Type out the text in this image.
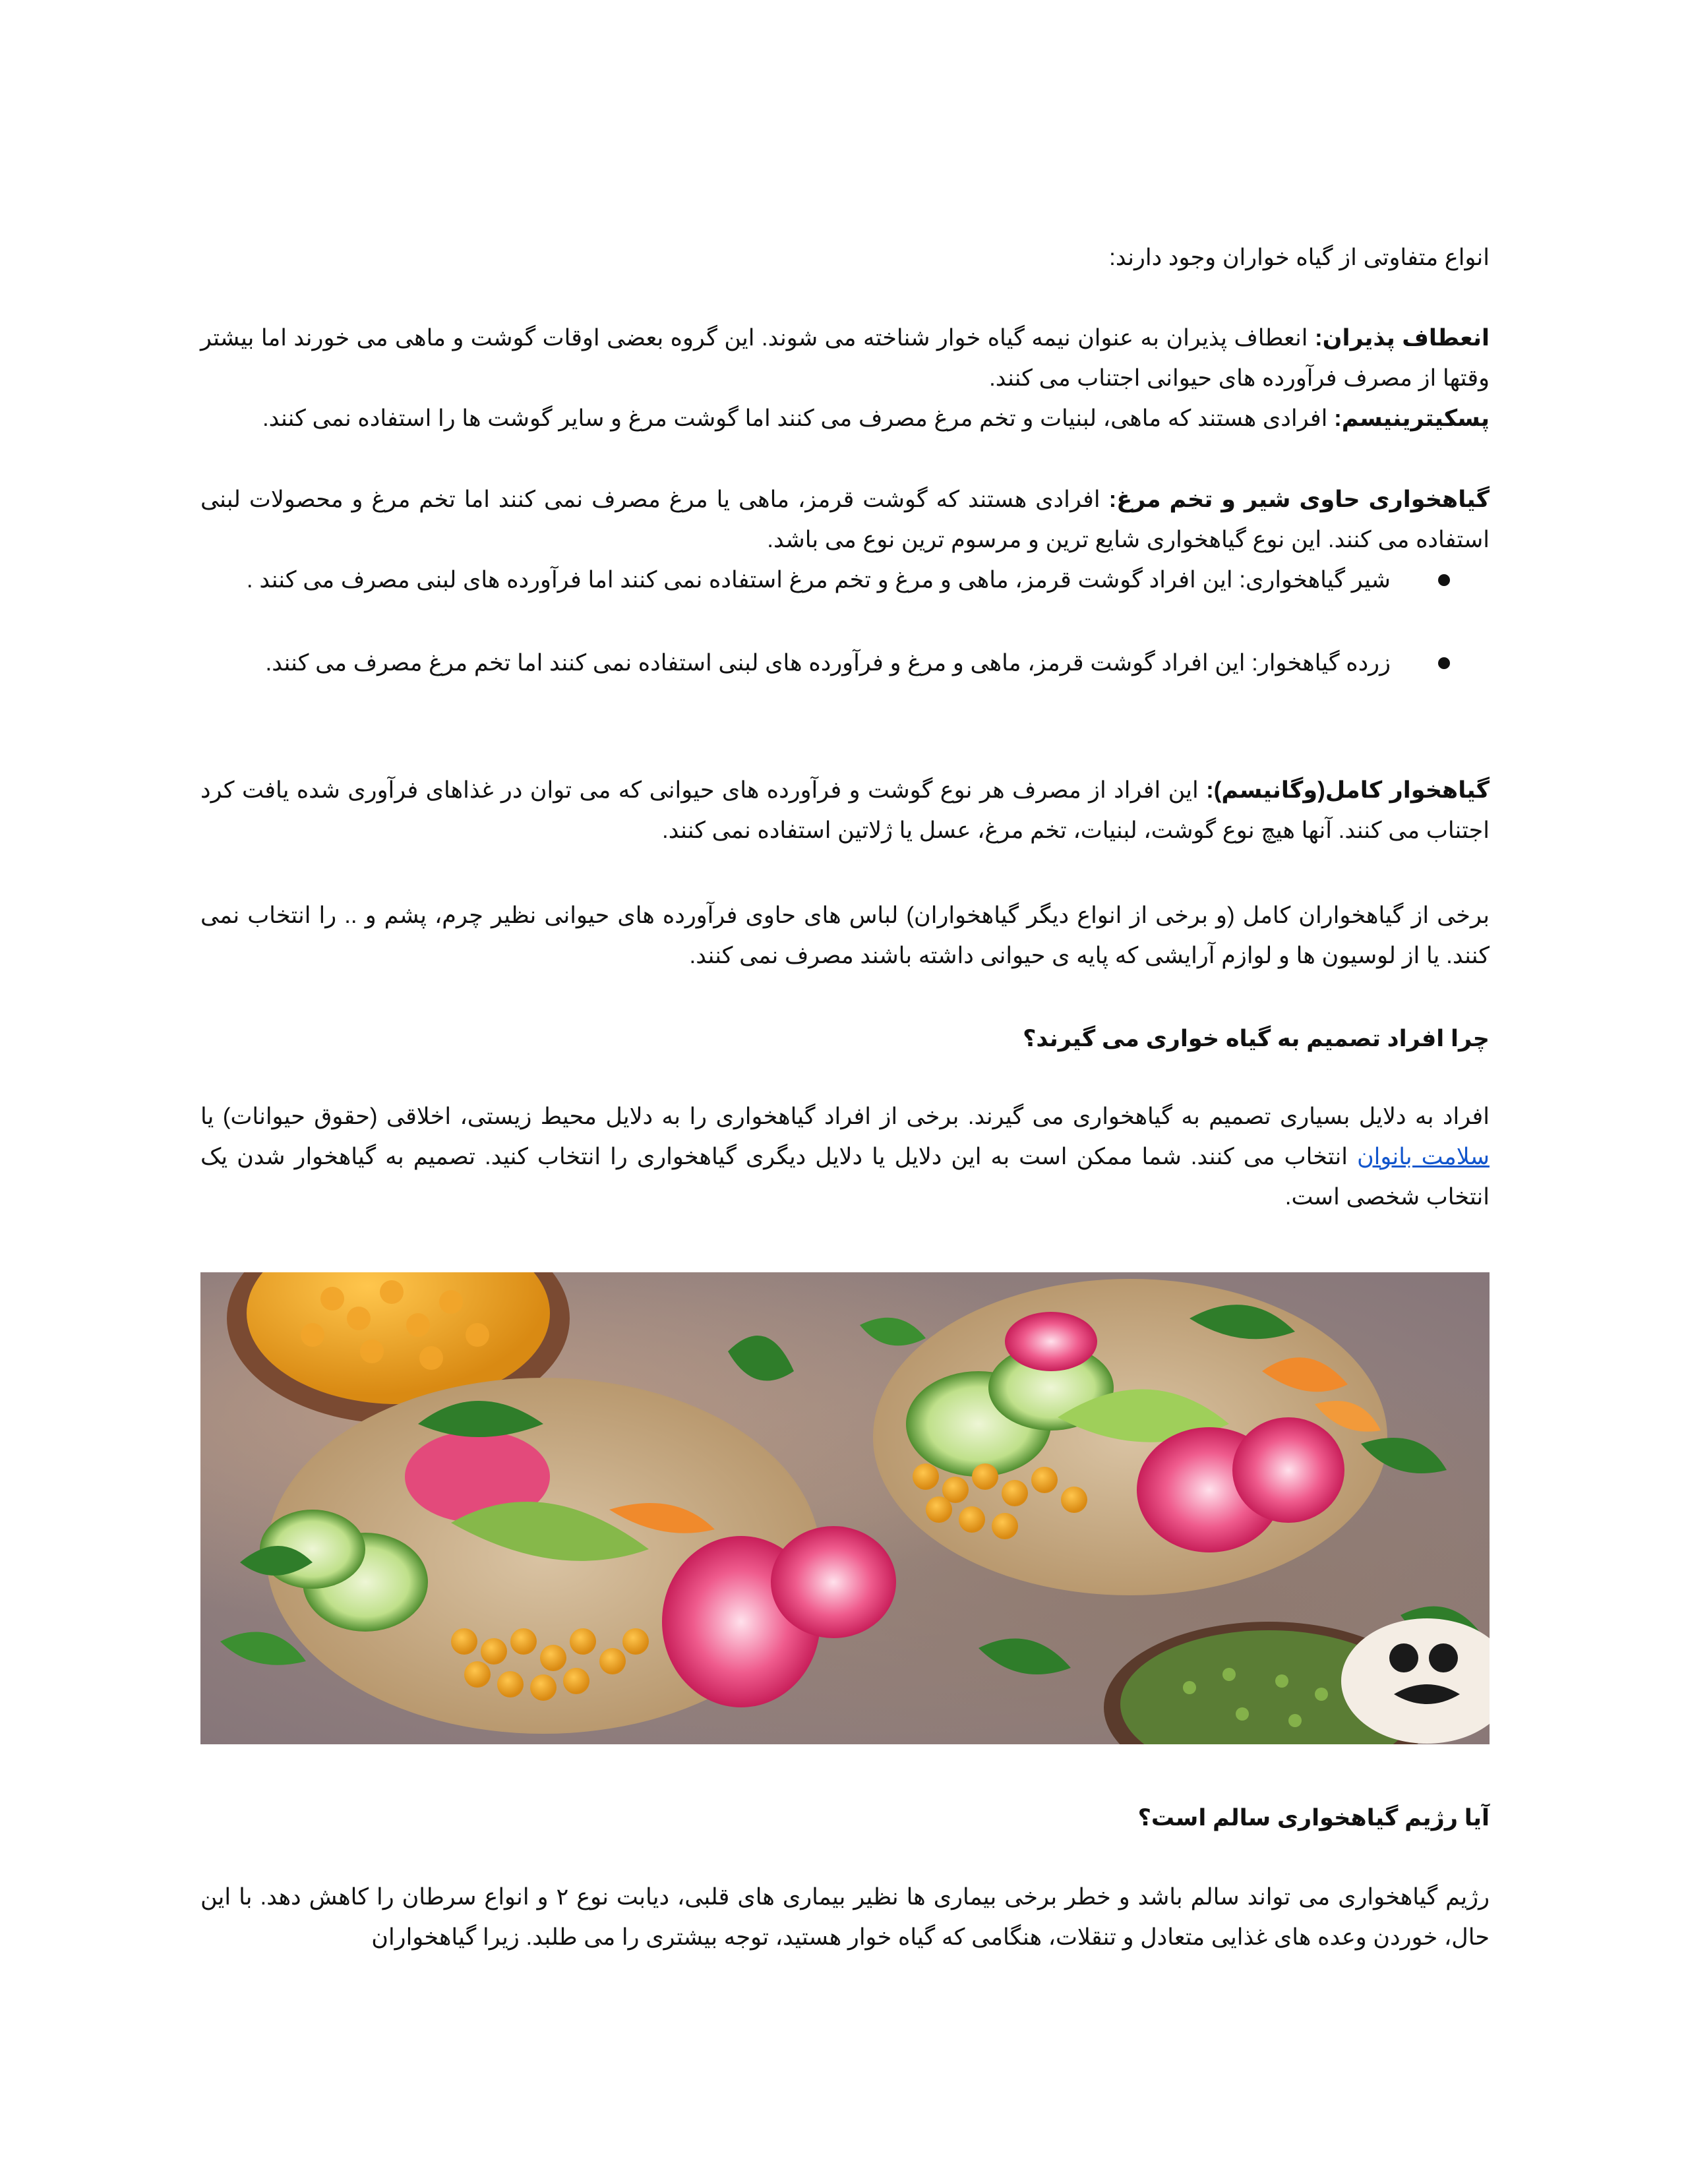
انواع متفاوتی از گیاه خواران وجود دارند:

انعطاف پذیران: انعطاف پذیران به عنوان نیمه گیاه خوار شناخته می شوند. این گروه بعضی اوقات گوشت و ماهی می خورند اما بیشتر وقتها از مصرف فرآورده های حیوانی اجتناب می کنند.

پسکیترینیسم: افرادی هستند که ماهی، لبنیات و تخم مرغ مصرف می کنند اما گوشت مرغ و سایر گوشت ها را استفاده نمی کنند.

گیاهخواری حاوی شیر و تخم مرغ: افرادی هستند که گوشت قرمز، ماهی یا مرغ مصرف نمی کنند اما تخم مرغ و محصولات لبنی استفاده می کنند. این نوع گیاهخواری شایع ترین و مرسوم ترین نوع می باشد.

شیر گیاهخواری: این افراد گوشت قرمز، ماهی و مرغ و تخم مرغ استفاده نمی کنند اما فرآورده های لبنی مصرف می کنند .
زرده گیاهخوار: این افراد گوشت قرمز، ماهی و مرغ و فرآورده های لبنی استفاده نمی کنند اما تخم مرغ مصرف می کنند.

گیاهخوار کامل(وگانیسم): این افراد از مصرف هر نوع گوشت و فرآورده های حیوانی که می توان در غذاهای فرآوری شده یافت کرد اجتناب می کنند. آنها هیچ نوع گوشت، لبنیات، تخم مرغ، عسل یا ژلاتین استفاده نمی کنند.

برخی از گیاهخواران کامل (و برخی از انواع دیگر گیاهخواران) لباس های حاوی فرآورده های حیوانی نظیر چرم، پشم و .. را انتخاب نمی کنند. یا از لوسیون ها و لوازم آرایشی که پایه ی حیوانی داشته باشند مصرف نمی کنند.

چرا افراد تصمیم به گیاه خواری می گیرند؟

افراد به دلایل بسیاری تصمیم به گیاهخواری می گیرند. برخی از افراد گیاهخواری را به دلایل محیط زیستی، اخلاقی (حقوق حیوانات) یا سلامت بانوان انتخاب می کنند. شما ممکن است به این دلایل یا دلایل دیگری گیاهخواری را انتخاب کنید. تصمیم به گیاهخوار شدن یک انتخاب شخصی است.

آیا رژیم گیاهخواری سالم است؟

رژیم گیاهخواری می تواند سالم باشد و خطر برخی بیماری ها نظیر بیماری های قلبی، دیابت نوع ۲ و انواع سرطان را کاهش دهد. با این حال، خوردن وعده های غذایی متعادل و تنقلات، هنگامی که گیاه خوار هستید، توجه بیشتری را می طلبد. زیرا گیاهخواران
